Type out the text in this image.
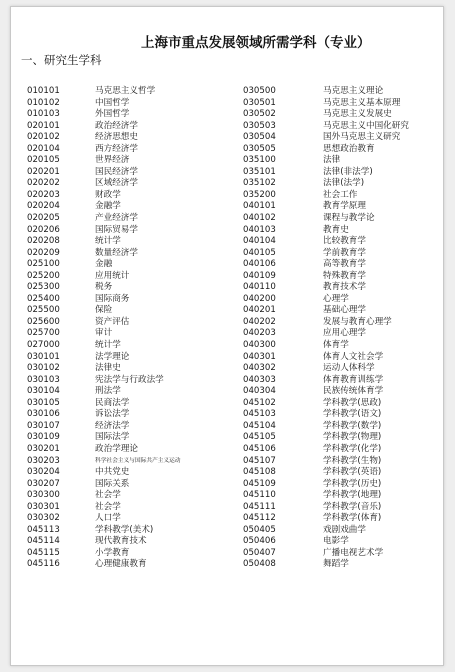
上海市重点发展领域所需学科（专业）
一、研究生学科
010101	马克思主义哲学	030500	马克思主义理论
010102	中国哲学	030501	马克思主义基本原理
010103	外国哲学	030502	马克思主义发展史
020101	政治经济学	030503	马克思主义中国化研究
020102	经济思想史	030504	国外马克思主义研究
020104	西方经济学	030505	思想政治教育
020105	世界经济	035100	法律
020201	国民经济学	035101	法律(非法学)
020202	区域经济学	035102	法律(法学)
020203	财政学	035200	社会工作
020204	金融学	040101	教育学原理
020205	产业经济学	040102	课程与教学论
020206	国际贸易学	040103	教育史
020208	统计学	040104	比较教育学
020209	数量经济学	040105	学前教育学
025100	金融	040106	高等教育学
025200	应用统计	040109	特殊教育学
025300	税务	040110	教育技术学
025400	国际商务	040200	心理学
025500	保险	040201	基础心理学
025600	资产评估	040202	发展与教育心理学
025700	审计	040203	应用心理学
027000	统计学	040300	体育学
030101	法学理论	040301	体育人文社会学
030102	法律史	040302	运动人体科学
030103	宪法学与行政法学	040303	体育教育训练学
030104	刑法学	040304	民族传统体育学
030105	民商法学	045102	学科教学(思政)
030106	诉讼法学	045103	学科教学(语文)
030107	经济法学	045104	学科教学(数学)
030109	国际法学	045105	学科教学(物理)
030201	政治学理论	045106	学科教学(化学)
030203	科学社会主义与国际共产主义运动	045107	学科教学(生物)
030204	中共党史	045108	学科教学(英语)
030207	国际关系	045109	学科教学(历史)
030300	社会学	045110	学科教学(地理)
030301	社会学	045111	学科教学(音乐)
030302	人口学	045112	学科教学(体育)
045113	学科教学(美术)	050405	戏剧戏曲学
045114	现代教育技术	050406	电影学
045115	小学教育	050407	广播电视艺术学
045116	心理健康教育	050408	舞蹈学
